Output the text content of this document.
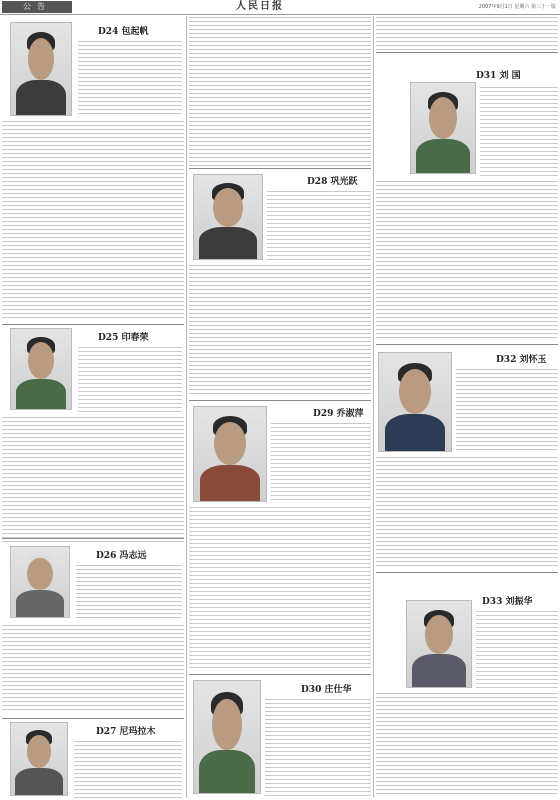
公告	人民日报	2007年9月1日 星期六 第三十一版
D24 包起帆
D25 印春荣
D26 冯志远
D27 尼玛拉木
D28 巩光跃
D29 乔淑萍
D30 庄仕华
D31 刘 国
D32 刘怀玉
D33 刘振华
